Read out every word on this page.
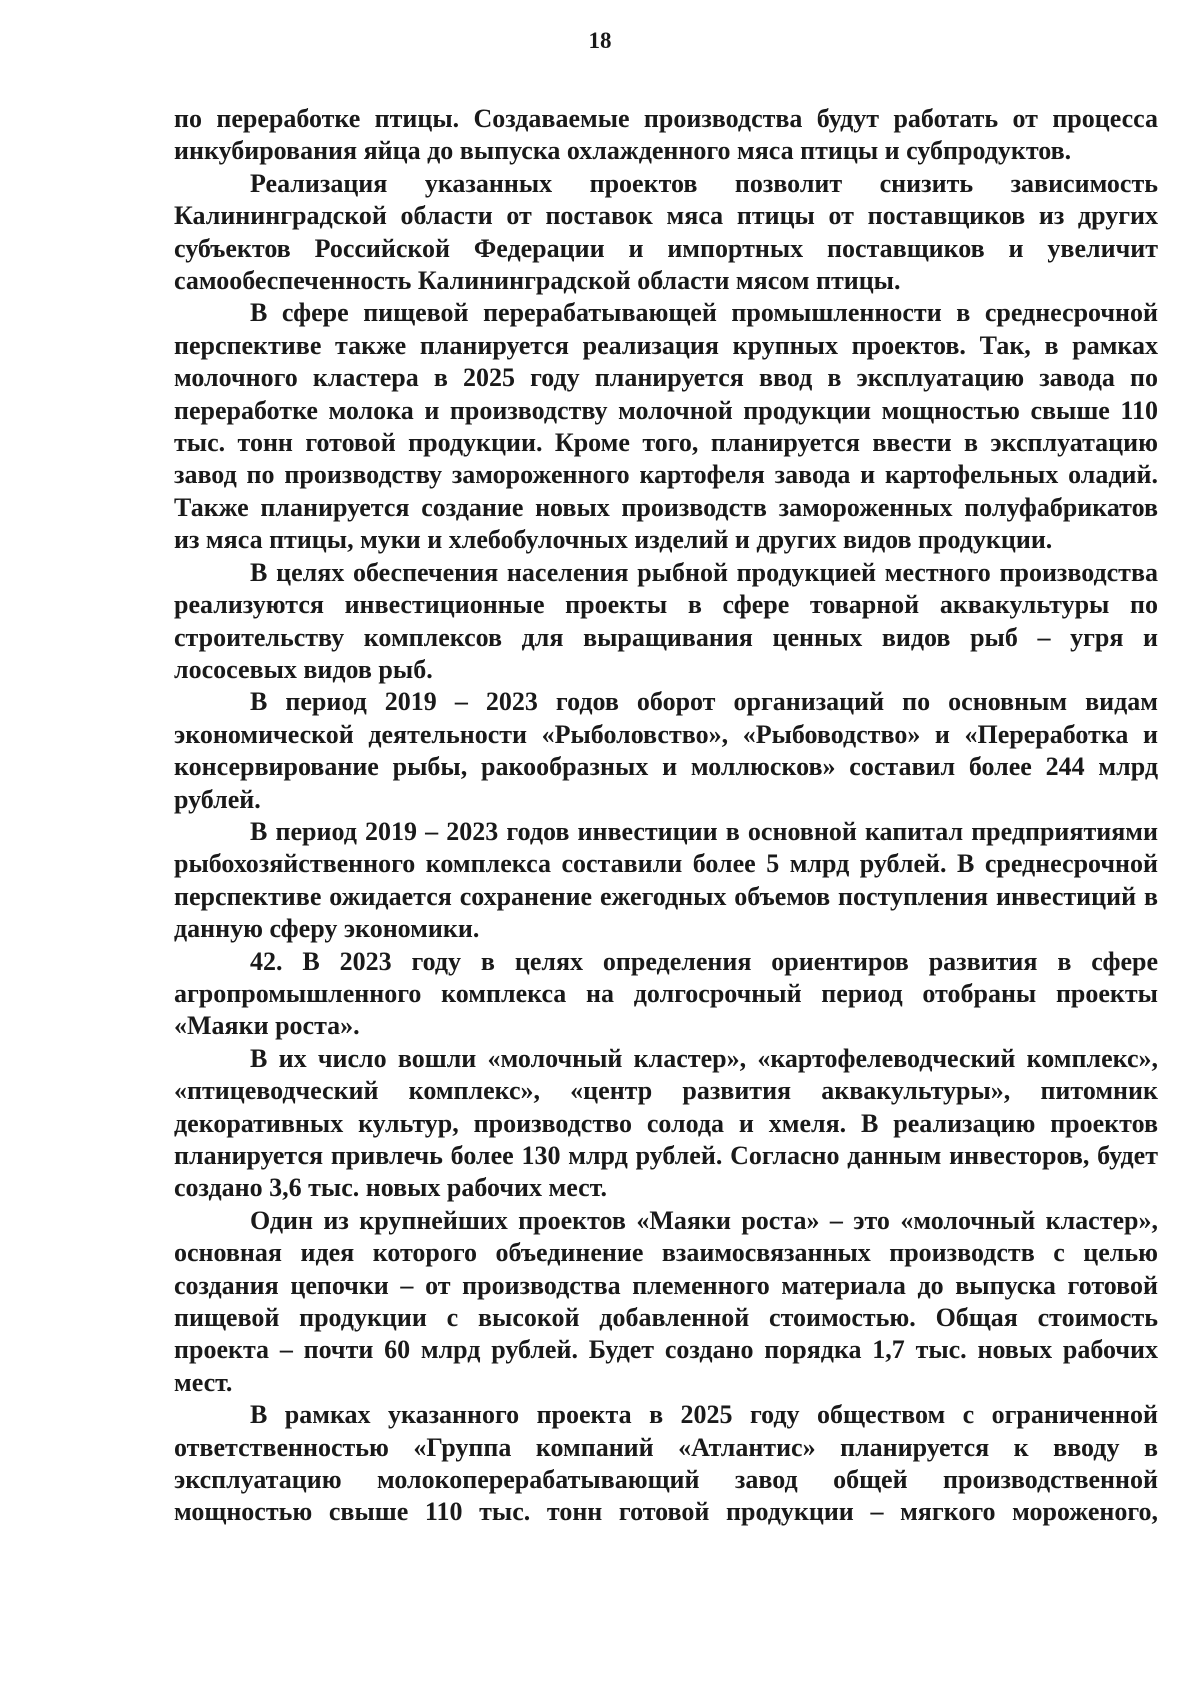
18

по переработке птицы. Создаваемые производства будут работать от процесса инкубирования яйца до выпуска охлажденного мяса птицы и субпродуктов.

Реализация указанных проектов позволит снизить зависимость Калининградской области от поставок мяса птицы от поставщиков из других субъектов Российской Федерации и импортных поставщиков и увеличит самообеспеченность Калининградской области мясом птицы.

В сфере пищевой перерабатывающей промышленности в среднесрочной перспективе также планируется реализация крупных проектов. Так, в рамках молочного кластера в 2025 году планируется ввод в эксплуатацию завода по переработке молока и производству молочной продукции мощностью свыше 110 тыс. тонн готовой продукции. Кроме того, планируется ввести в эксплуатацию завод по производству замороженного картофеля завода и картофельных оладий. Также планируется создание новых производств замороженных полуфабрикатов из мяса птицы, муки и хлебобулочных изделий и других видов продукции.

В целях обеспечения населения рыбной продукцией местного производства реализуются инвестиционные проекты в сфере товарной аквакультуры по строительству комплексов для выращивания ценных видов рыб – угря и лососевых видов рыб.

В период 2019 – 2023 годов оборот организаций по основным видам экономической деятельности «Рыболовство», «Рыбоводство» и «Переработка и консервирование рыбы, ракообразных и моллюсков» составил более 244 млрд рублей.

В период 2019 – 2023 годов инвестиции в основной капитал предприятиями рыбохозяйственного комплекса составили более 5 млрд рублей. В среднесрочной перспективе ожидается сохранение ежегодных объемов поступления инвестиций в данную сферу экономики.

42. В 2023 году в целях определения ориентиров развития в сфере агропромышленного комплекса на долгосрочный период отобраны проекты «Маяки роста».

В их число вошли «молочный кластер», «картофелеводческий комплекс», «птицеводческий комплекс», «центр развития аквакультуры», питомник декоративных культур, производство солода и хмеля. В реализацию проектов планируется привлечь более 130 млрд рублей. Согласно данным инвесторов, будет создано 3,6 тыс. новых рабочих мест.

Один из крупнейших проектов «Маяки роста» – это «молочный кластер», основная идея которого объединение взаимосвязанных производств с целью создания цепочки – от производства племенного материала до выпуска готовой пищевой продукции с высокой добавленной стоимостью. Общая стоимость проекта – почти 60 млрд рублей. Будет создано порядка 1,7 тыс. новых рабочих мест.

В рамках указанного проекта в 2025 году обществом с ограниченной ответственностью «Группа компаний «Атлантис» планируется к вводу в эксплуатацию молокоперерабатывающий завод общей производственной мощностью свыше 110 тыс. тонн готовой продукции – мягкого мороженого,
